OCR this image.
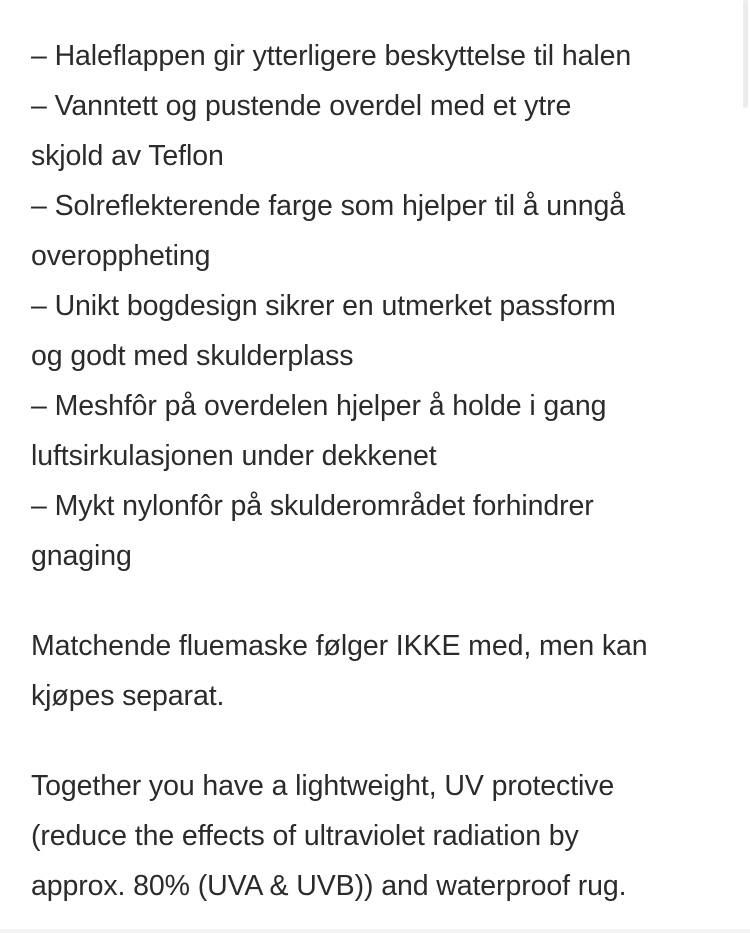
– Haleflappen gir ytterligere beskyttelse til halen
– Vanntett og pustende overdel med et ytre
skjold av Teflon
– Solreflekterende farge som hjelper til å unngå
overoppheting
– Unikt bogdesign sikrer en utmerket passform
og godt med skulderplass
– Meshfôr på overdelen hjelper å holde i gang
luftsirkulasjonen under dekkenet
– Mykt nylonfôr på skulderområdet forhindrer
gnaging
Matchende fluemaske følger IKKE med, men kan
kjøpes separat.
Together you have a lightweight, UV protective
(reduce the effects of ultraviolet radiation by
approx. 80% (UVA & UVB)) and waterproof rug.
